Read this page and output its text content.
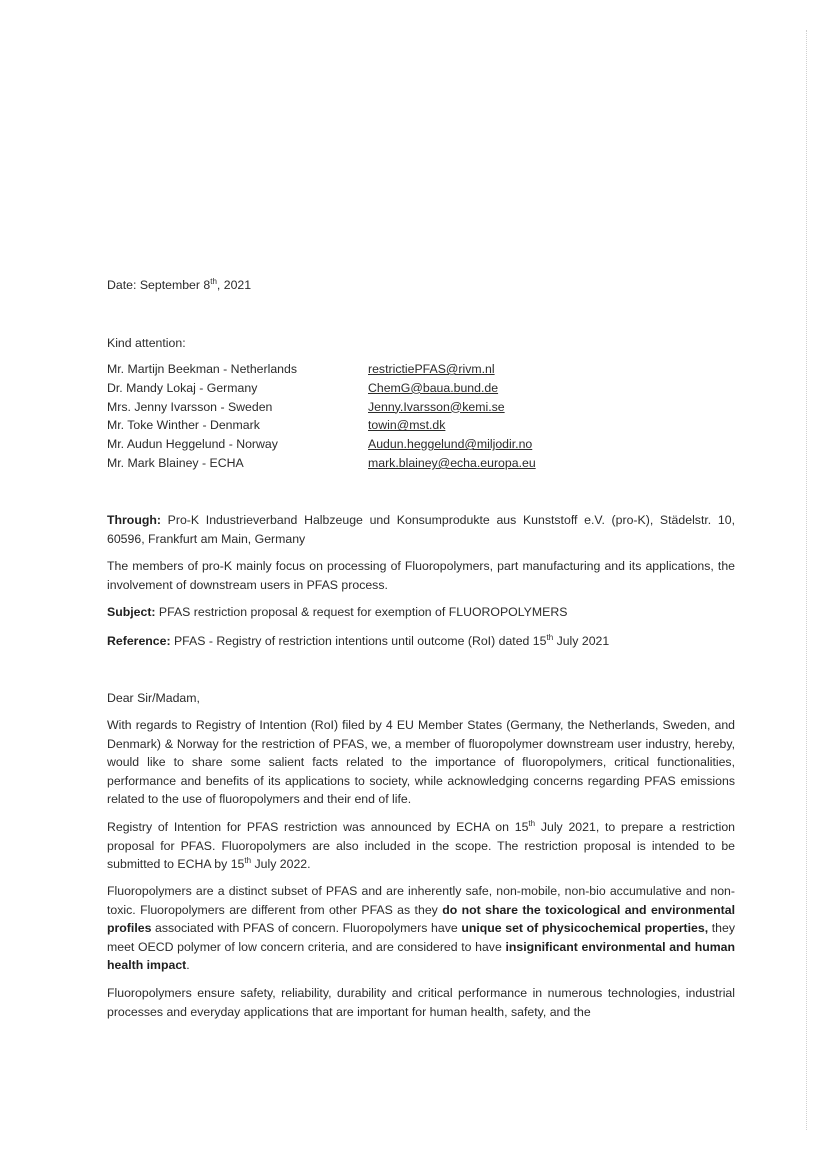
Date: September 8th, 2021
Kind attention:
Mr. Martijn Beekman - Netherlands	restrictiePFAS@rivm.nl
Dr. Mandy Lokaj - Germany	ChemG@baua.bund.de
Mrs. Jenny Ivarsson - Sweden	Jenny.Ivarsson@kemi.se
Mr. Toke Winther - Denmark	towin@mst.dk
Mr. Audun Heggelund - Norway	Audun.heggelund@miljodir.no
Mr. Mark Blainey - ECHA	mark.blainey@echa.europa.eu
Through: Pro-K Industrieverband Halbzeuge und Konsumprodukte aus Kunststoff e.V. (pro-K), Städelstr. 10, 60596, Frankfurt am Main, Germany
The members of pro-K mainly focus on processing of Fluoropolymers, part manufacturing and its applications, the involvement of downstream users in PFAS process.
Subject: PFAS restriction proposal & request for exemption of FLUOROPOLYMERS
Reference: PFAS - Registry of restriction intentions until outcome (RoI) dated 15th July 2021
Dear Sir/Madam,
With regards to Registry of Intention (RoI) filed by 4 EU Member States (Germany, the Netherlands, Sweden, and Denmark) & Norway for the restriction of PFAS, we, a member of fluoropolymer downstream user industry, hereby, would like to share some salient facts related to the importance of fluoropolymers, critical functionalities, performance and benefits of its applications to society, while acknowledging concerns regarding PFAS emissions related to the use of fluoropolymers and their end of life.
Registry of Intention for PFAS restriction was announced by ECHA on 15th July 2021, to prepare a restriction proposal for PFAS. Fluoropolymers are also included in the scope. The restriction proposal is intended to be submitted to ECHA by 15th July 2022.
Fluoropolymers are a distinct subset of PFAS and are inherently safe, non-mobile, non-bio accumulative and non-toxic. Fluoropolymers are different from other PFAS as they do not share the toxicological and environmental profiles associated with PFAS of concern. Fluoropolymers have unique set of physicochemical properties, they meet OECD polymer of low concern criteria, and are considered to have insignificant environmental and human health impact.
Fluoropolymers ensure safety, reliability, durability and critical performance in numerous technologies, industrial processes and everyday applications that are important for human health, safety, and the
